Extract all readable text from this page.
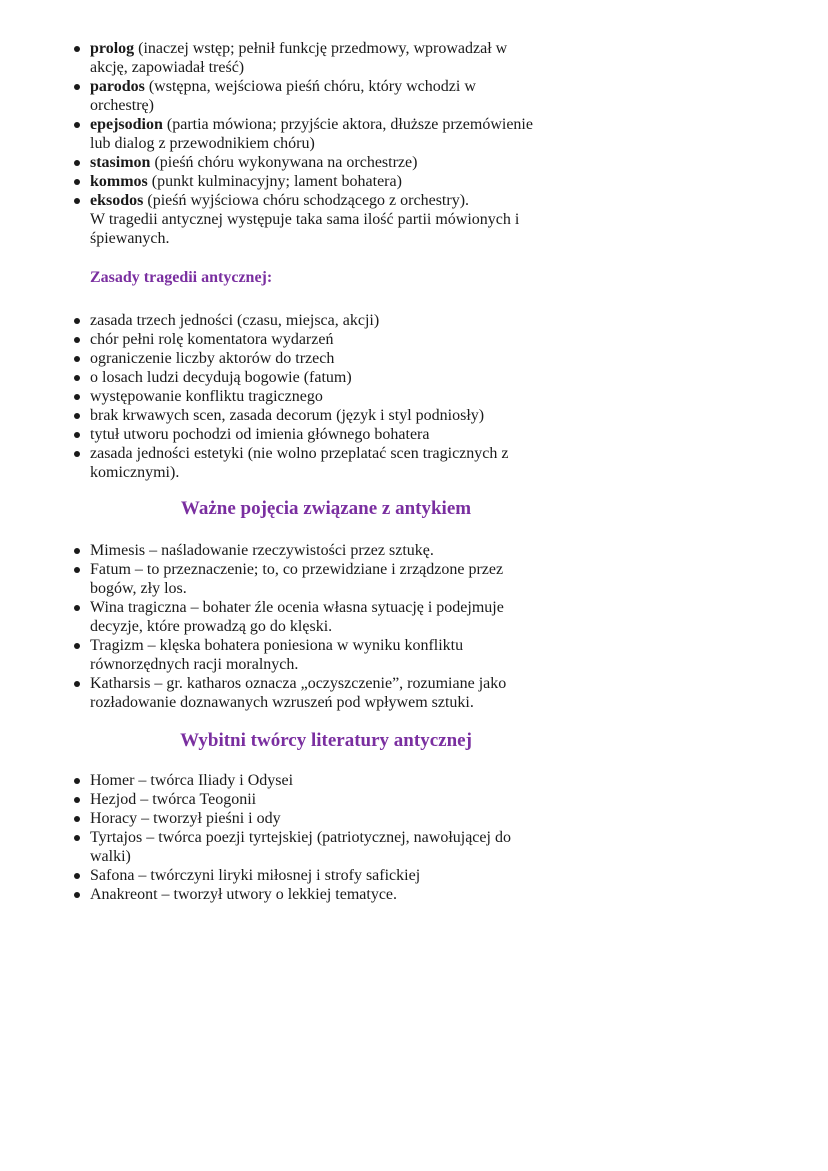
prolog (inaczej wstęp; pełnił funkcję przedmowy, wprowadzał w akcję, zapowiadał treść)
parodos (wstępna, wejściowa pieśń chóru, który wchodzi w orchestrę)
epejsodion (partia mówiona; przyjście aktora, dłuższe przemówienie lub dialog z przewodnikiem chóru)
stasimon (pieśń chóru wykonywana na orchestrze)
kommos (punkt kulminacyjny; lament bohatera)
eksodos (pieśń wyjściowa chóru schodzącego z orchestry).
W tragedii antycznej występuje taka sama ilość partii mówionych i śpiewanych.
Zasady tragedii antycznej:
zasada trzech jedności (czasu, miejsca, akcji)
chór pełni rolę komentatora wydarzeń
ograniczenie liczby aktorów do trzech
o losach ludzi decydują bogowie (fatum)
występowanie konfliktu tragicznego
brak krwawych scen, zasada decorum (język i styl podniosły)
tytuł utworu pochodzi od imienia głównego bohatera
zasada jedności estetyki (nie wolno przeplatać scen tragicznych z komicznymi).
Ważne pojęcia związane z antykiem
Mimesis – naśladowanie rzeczywistości przez sztukę.
Fatum – to przeznaczenie; to, co przewidziane i zrządzone przez bogów, zły los.
Wina tragiczna – bohater źle ocenia własna sytuację i podejmuje decyzje, które prowadzą go do klęski.
Tragizm – klęska bohatera poniesiona w wyniku konfliktu równorzędnych racji moralnych.
Katharsis – gr. katharos oznacza „oczyszczenie”, rozumiane jako rozładowanie doznawanych wzruszeń pod wpływem sztuki.
Wybitni twórcy literatury antycznej
Homer – twórca Iliady i Odysei
Hezjod – twórca Teogonii
Horacy – tworzył pieśni i ody
Tyrtajos – twórca poezji tyrtejskiej (patriotycznej, nawołującej do walki)
Safona – twórczyni liryki miłosnej i strofy safickiej
Anakreont – tworzył utwory o lekkiej tematyce.
